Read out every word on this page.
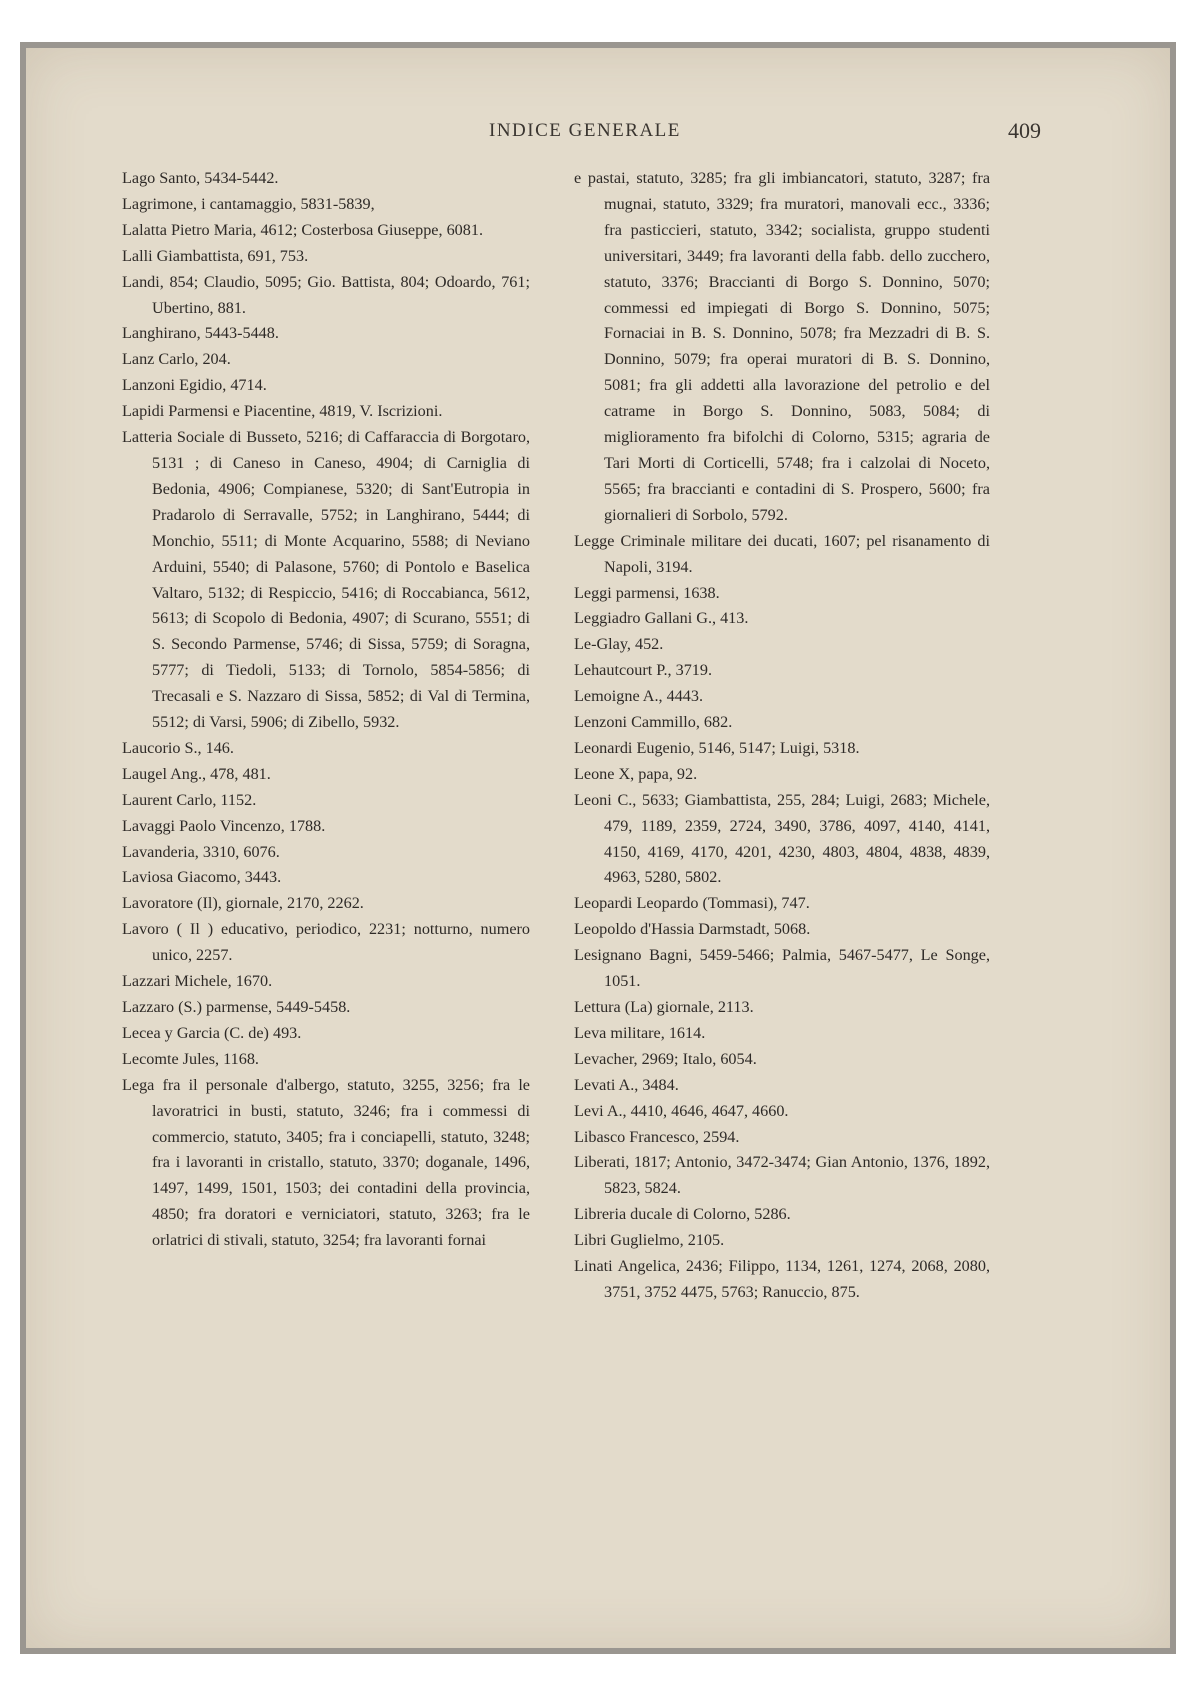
INDICE GENERALE	409

Lago Santo, 5434-5442.

Lagrimone, i cantamaggio, 5831-5839,

Lalatta Pietro Maria, 4612; Costerbosa Giuseppe, 6081.

Lalli Giambattista, 691, 753.

Landi, 854; Claudio, 5095; Gio. Battista, 804; Odoardo, 761; Ubertino, 881.

Langhirano, 5443-5448.

Lanz Carlo, 204.

Lanzoni Egidio, 4714.

Lapidi Parmensi e Piacentine, 4819, V. Iscrizioni.

Latteria Sociale di Busseto, 5216; di Caffaraccia di Borgotaro, 5131 ; di Caneso in Caneso, 4904; di Carniglia di Bedonia, 4906; Compianese, 5320; di Sant'Eutropia in Pradarolo di Serravalle, 5752; in Langhirano, 5444; di Monchio, 5511; di Monte Acquarino, 5588; di Neviano Arduini, 5540; di Palasone, 5760; di Pontolo e Baselica Valtaro, 5132; di Respiccio, 5416; di Roccabianca, 5612, 5613; di Scopolo di Bedonia, 4907; di Scurano, 5551; di S. Secondo Parmense, 5746; di Sissa, 5759; di Soragna, 5777; di Tiedoli, 5133; di Tornolo, 5854-5856; di Trecasali e S. Nazzaro di Sissa, 5852; di Val di Termina, 5512; di Varsi, 5906; di Zibello, 5932.

Laucorio S., 146.

Laugel Ang., 478, 481.

Laurent Carlo, 1152.

Lavaggi Paolo Vincenzo, 1788.

Lavanderia, 3310, 6076.

Laviosa Giacomo, 3443.

Lavoratore (Il), giornale, 2170, 2262.

Lavoro ( Il ) educativo, periodico, 2231; notturno, numero unico, 2257.

Lazzari Michele, 1670.

Lazzaro (S.) parmense, 5449-5458.

Lecea y Garcia (C. de) 493.

Lecomte Jules, 1168.

Lega fra il personale d'albergo, statuto, 3255, 3256; fra le lavoratrici in busti, statuto, 3246; fra i commessi di commercio, statuto, 3405; fra i conciapelli, statuto, 3248; fra i lavoranti in cristallo, statuto, 3370; doganale, 1496, 1497, 1499, 1501, 1503; dei contadini della provincia, 4850; fra doratori e verniciatori, statuto, 3263; fra le orlatrici di stivali, statuto, 3254; fra lavoranti fornai

e pastai, statuto, 3285; fra gli imbiancatori, statuto, 3287; fra mugnai, statuto, 3329; fra muratori, manovali ecc., 3336; fra pasticcieri, statuto, 3342; socialista, gruppo studenti universitari, 3449; fra lavoranti della fabb. dello zucchero, statuto, 3376; Braccianti di Borgo S. Donnino, 5070; commessi ed impiegati di Borgo S. Donnino, 5075; Fornaciai in B. S. Donnino, 5078; fra Mezzadri di B. S. Donnino, 5079; fra operai muratori di B. S. Donnino, 5081; fra gli addetti alla lavorazione del petrolio e del catrame in Borgo S. Donnino, 5083, 5084; di miglioramento fra bifolchi di Colorno, 5315; agraria de Tari Morti di Corticelli, 5748; fra i calzolai di Noceto, 5565; fra braccianti e contadini di S. Prospero, 5600; fra giornalieri di Sorbolo, 5792.

Legge Criminale militare dei ducati, 1607; pel risanamento di Napoli, 3194.

Leggi parmensi, 1638.

Leggiadro Gallani G., 413.

Le-Glay, 452.

Lehautcourt P., 3719.

Lemoigne A., 4443.

Lenzoni Cammillo, 682.

Leonardi Eugenio, 5146, 5147; Luigi, 5318.

Leone X, papa, 92.

Leoni C., 5633; Giambattista, 255, 284; Luigi, 2683; Michele, 479, 1189, 2359, 2724, 3490, 3786, 4097, 4140, 4141, 4150, 4169, 4170, 4201, 4230, 4803, 4804, 4838, 4839, 4963, 5280, 5802.

Leopardi Leopardo (Tommasi), 747.

Leopoldo d'Hassia Darmstadt, 5068.

Lesignano Bagni, 5459-5466; Palmia, 5467-5477, Le Songe, 1051.

Lettura (La) giornale, 2113.

Leva militare, 1614.

Levacher, 2969; Italo, 6054.

Levati A., 3484.

Levi A., 4410, 4646, 4647, 4660.

Libasco Francesco, 2594.

Liberati, 1817; Antonio, 3472-3474; Gian Antonio, 1376, 1892, 5823, 5824.

Libreria ducale di Colorno, 5286.

Libri Guglielmo, 2105.

Linati Angelica, 2436; Filippo, 1134, 1261, 1274, 2068, 2080, 3751, 3752 4475, 5763; Ranuccio, 875.
